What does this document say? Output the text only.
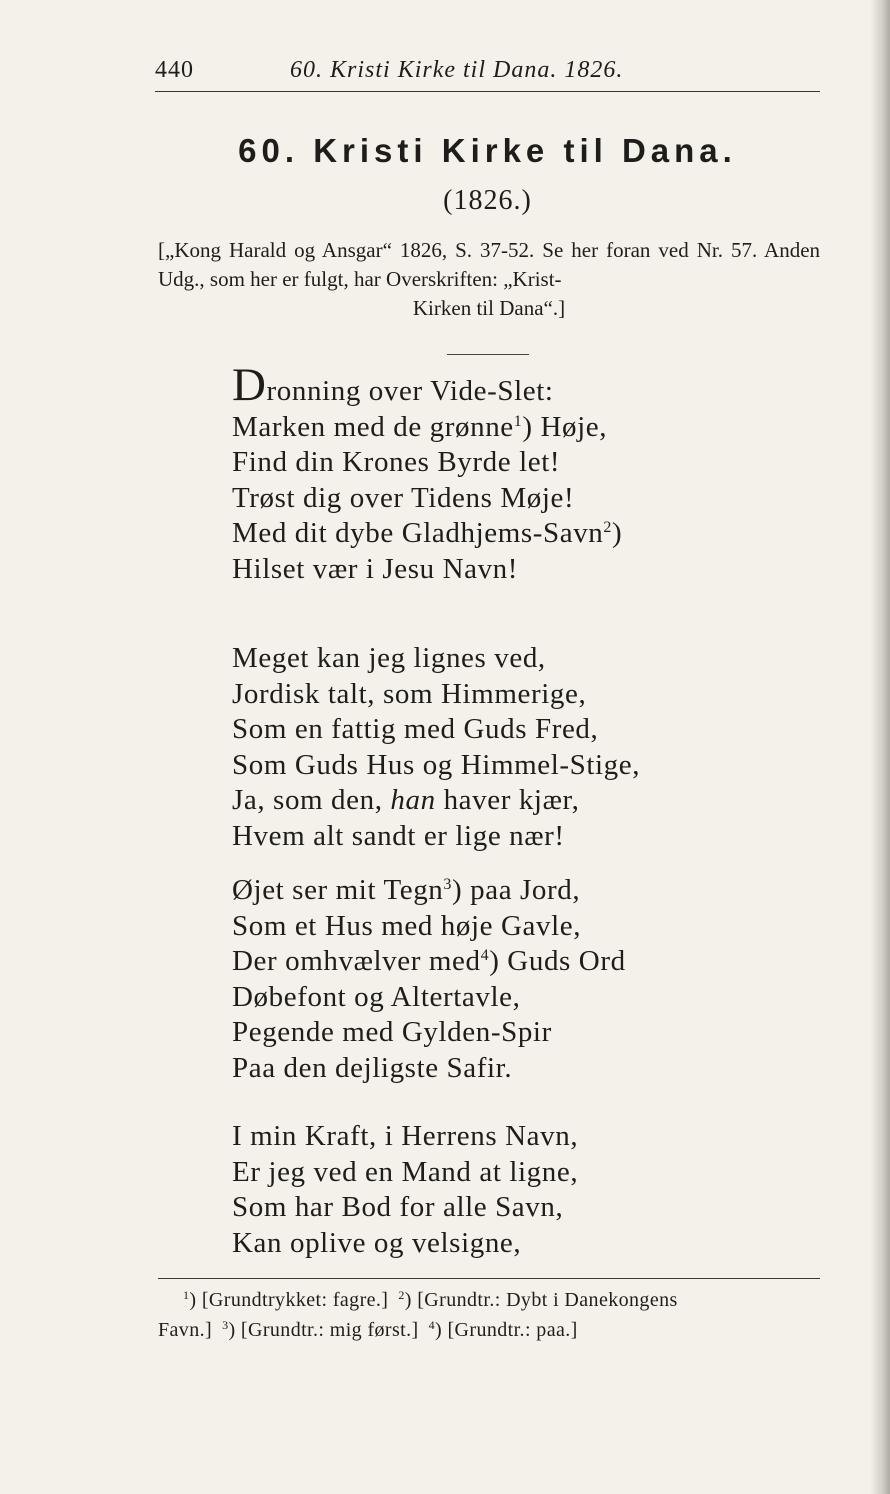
440	60. Kristi Kirke til Dana. 1826.
60. Kristi Kirke til Dana.
(1826.)
[„Kong Harald og Ansgar“ 1826, S. 37-52. Se her foran ved Nr. 57. Anden Udg., som her er fulgt, har Overskriften: „Krist-
Kirken til Dana“.]
Dronning over Vide-Slet:
Marken med de grønne$^1$) Høje,
Find din Krones Byrde let!
Trøst dig over Tidens Møje!
Med dit dybe Gladhjems-Savn$^2$)
Hilset vær i Jesu Navn!
Meget kan jeg lignes ved,
Jordisk talt, som Himmerige,
Som en fattig med Guds Fred,
Som Guds Hus og Himmel-Stige,
Ja, som den, han haver kjær,
Hvem alt sandt er lige nær!
Øjet ser mit Tegn$^3$) paa Jord,
Som et Hus med høje Gavle,
Der omhvælver med$^4$) Guds Ord
Døbefont og Altertavle,
Pegende med Gylden-Spir
Paa den dejligste Safir.
I min Kraft, i Herrens Navn,
Er jeg ved en Mand at ligne,
Som har Bod for alle Savn,
Kan oplive og velsigne,
$^1$) [Grundtrykket: fagre.] $^2$) [Grundtr.: Dybt i Danekongens
Favn.] $^3$) [Grundtr.: mig først.] $^4$) [Grundtr.: paa.]
